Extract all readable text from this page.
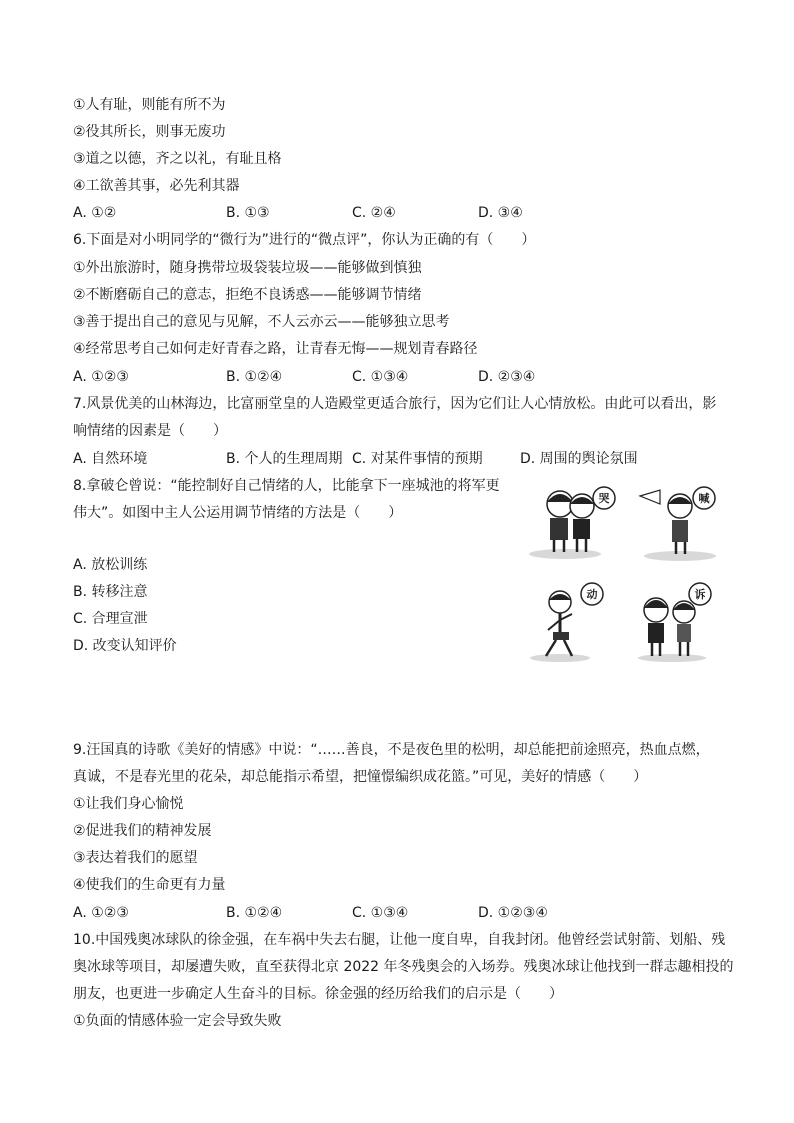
①人有耻，则能有所不为
②役其所长，则事无废功
③道之以德，齐之以礼，有耻且格
④工欲善其事，必先利其器
A. ①②	B. ①③	C. ②④	D. ③④
6.下面是对小明同学的“微行为”进行的“微点评”，你认为正确的有（　　）
①外出旅游时，随身携带垃圾袋装垃圾——能够做到慎独
②不断磨砺自己的意志，拒绝不良诱惑——能够调节情绪
③善于提出自己的意见与见解，不人云亦云——能够独立思考
④经常思考自己如何走好青春之路，让青春无悔——规划青春路径
A. ①②③	B. ①②④	C. ①③④	D. ②③④
7.风景优美的山林海边，比富丽堂皇的人造殿堂更适合旅行，因为它们让人心情放松。由此可以看出，影
响情绪的因素是（　　）
A. 自然环境	B. 个人的生理周期 C. 对某件事情的预期	D. 周围的舆论氛围
8.拿破仑曾说：“能控制好自己情绪的人，比能拿下一座城池的将军更
伟大”。如图中主人公运用调节情绪的方法是（　　）
A. 放松训练
B. 转移注意
C. 合理宣泄
D. 改变认知评价
哭	喊
动	诉
9.汪国真的诗歌《美好的情感》中说：“……善良，不是夜色里的松明，却总能把前途照亮，热血点燃，
真诚，不是春光里的花朵，却总能指示希望，把憧憬编织成花篮。”可见，美好的情感（　　）
①让我们身心愉悦
②促进我们的精神发展
③表达着我们的愿望
④使我们的生命更有力量
A. ①②③	B. ①②④	C. ①③④	D. ①②③④
10.中国残奥冰球队的徐金强，在车祸中失去右腿，让他一度自卑，自我封闭。他曾经尝试射箭、划船、残
奥冰球等项目，却屡遭失败，直至获得北京 2022 年冬残奥会的入场券。残奥冰球让他找到一群志趣相投的
朋友，也更进一步确定人生奋斗的目标。徐金强的经历给我们的启示是（　　）
①负面的情感体验一定会导致失败
